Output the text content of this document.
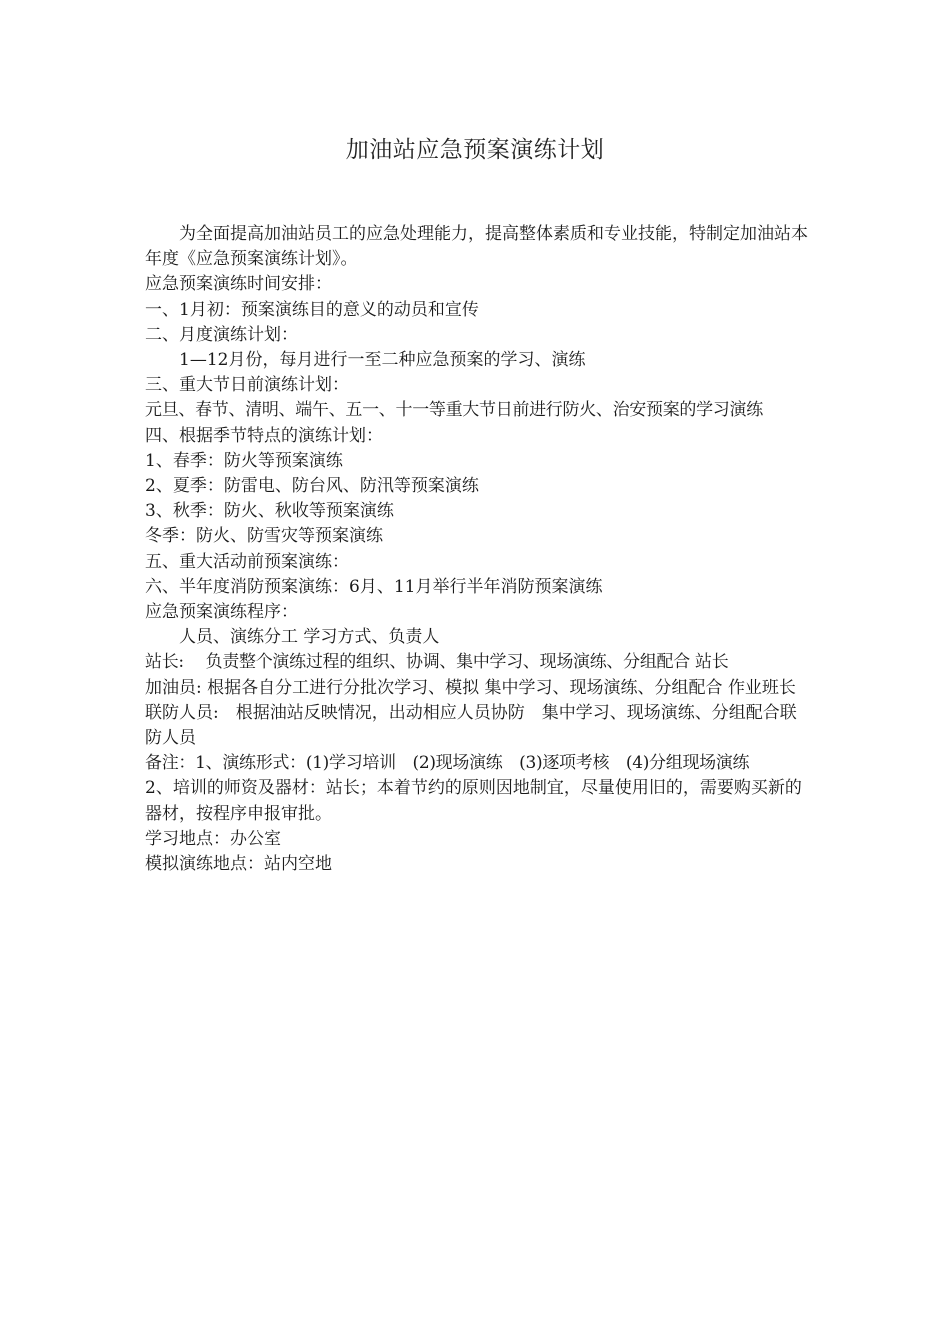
加油站应急预案演练计划

为全面提高加油站员工的应急处理能力，提高整体素质和专业技能，特制定加油站本年度《应急预案演练计划》。

应急预案演练时间安排：

一、1月初：预案演练目的意义的动员和宣传

二、月度演练计划：

1—12月份，每月进行一至二种应急预案的学习、演练

三、重大节日前演练计划：

元旦、春节、清明、端午、五一、十一等重大节日前进行防火、治安预案的学习演练

四、根据季节特点的演练计划：

1、春季：防火等预案演练

2、夏季：防雷电、防台风、防汛等预案演练

3、秋季：防火、秋收等预案演练

冬季：防火、防雪灾等预案演练

五、重大活动前预案演练：

六、半年度消防预案演练：6月、11月举行半年消防预案演练

应急预案演练程序：

人员、演练分工 学习方式、负责人

站长:　 负责整个演练过程的组织、协调、集中学习、现场演练、分组配合 站长

加油员: 根据各自分工进行分批次学习、模拟 集中学习、现场演练、分组配合 作业班长

联防人员:　根据油站反映情况，出动相应人员协防　集中学习、现场演练、分组配合联防人员

备注：1、演练形式：(1)学习培训　(2)现场演练　(3)逐项考核　(4)分组现场演练

2、培训的师资及器材：站长；本着节约的原则因地制宜，尽量使用旧的，需要购买新的器材，按程序申报审批。

学习地点：办公室

模拟演练地点：站内空地
